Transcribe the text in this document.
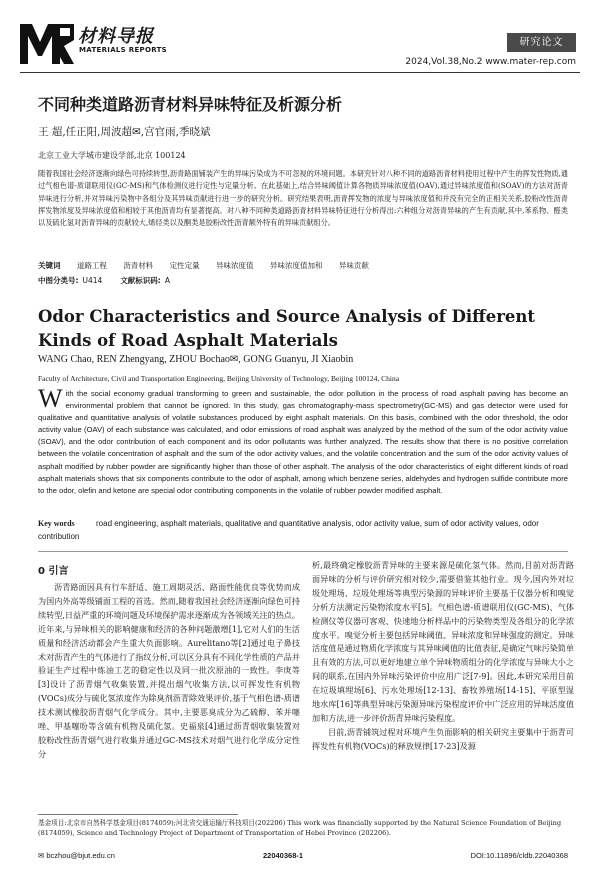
材料导报
MATERIALS REPORTS
研究论文
2024,Vol.38,No.2 www.mater-rep.com
不同种类道路沥青材料异味特征及析源分析
王 超,任正阳,周波超✉,宫官雨,季晓斌
北京工业大学城市建设学部,北京 100124
随着我国社会经济逐渐向绿色可持续转型,沥青路面铺装产生的异味污染成为不可忽视的环境问题。本研究针对八种不同的道路沥青材料使用过程中产生的挥发性物质,通过气相色谱-质谱联用仪(GC-MS)和气体检测仪进行定性与定量分析。在此基础上,结合异味阈值计算各物质异味浓度值(OAV),通过异味浓度值和(SOAV)的方法对沥青异味进行分析,并对异味污染物中各组分及其异味贡献进行进一步的研究分析。研究结果表明,沥青挥发物的浓度与异味浓度值和并没有完全的正相关关系,胶粉改性沥青挥发物浓度及异味浓度值和相较于其他沥青均有显著提高。对八种不同种类道路沥青材料异味特征进行分析得出:六种组分对沥青异味的产生有贡献,其中,苯系物、醛类以及硫化氢对沥青异味的贡献较大,烯烃类以及酮类是胶粉改性沥青额外特有的异味贡献组分。
关键词 道路工程 沥青材料 定性定量 异味浓度值 异味浓度值加和 异味贡献
中图分类号: U414 文献标识码: A
Odor Characteristics and Source Analysis of Different Kinds of Road Asphalt Materials
WANG Chao, REN Zhengyang, ZHOU Bochao✉, GONG Guanyu, JI Xiaobin
Faculty of Architecture, Civil and Transportation Engineering, Beijing University of Technology, Beijing 100124, China
With the social economy gradual transforming to green and sustainable, the odor pollution in the process of road asphalt paving has become an environmental problem that cannot be ignored. In this study, gas chromatography-mass spectrometry(GC-MS) and gas detector were used for qualitative and quantitative analysis of volatile substances produced by eight asphalt materials. On this basis, combined with the odor threshold, the odor activity value (OAV) of each substance was calculated, and odor emissions of road asphalt was analyzed by the method of the sum of the odor activity value (SOAV), and the odor contribution of each component and its odor pollutants was further analyzed. The results show that there is no positive correlation between the volatile concentration of asphalt and the sum of the odor activity values, and the volatile concentration and the sum of the odor activity values of asphalt modified by rubber powder are significantly higher than those of other asphalt. The analysis of the odor characteristics of eight different kinds of road asphalt materials shows that six components contribute to the odor of asphalt, among which benzene series, aldehydes and hydrogen sulfide contribute more to the odor, olefin and ketone are special odor contributing components in the volatile of rubber powder modified asphalt.
Key words	road engineering, asphalt materials, qualitative and quantitative analysis, odor activity value, sum of odor activity values, odor contribution
0 引言
沥青路面因具有行车舒适、施工周期灵活、路面性能优良等优势而成为国内外高等级铺面工程的首选。然而,随着我国社会经济逐渐向绿色可持续转型,日益严重的环境问题及环境保护需求逐渐成为各领域关注的热点。近年来,与异味相关的影响健康和经济的各种问题激增[1],它对人们的生活质量和经济活动都会产生重大负面影响。Aurelitano等[2]通过电子鼻技术对沥青产生的气体进行了指纹分析,可以区分具有不同化学性质的产品并验证生产过程中炼油工艺的稳定性以及同一批次原油的一致性。李庚等[3]设计了沥青烟气收集装置,并提出烟气收集方法,以可挥发性有机物(VOCs)成分与硫化氢浓度作为除臭剂沥青除效果评价,基于气相色谱-质谱技术测试橡胶沥青烟气化学成分。其中,主要恶臭成分为乙硫醇、苯并噻唑、甲基噻吩等含硫有机物及硫化氢。史福泉[4]通过沥青烟收集装置对胶粉改性沥青烟气进行收集并通过GC-MS技术对烟气进行化学成分定性分
析,最终确定橡胶沥青异味的主要来源是硫化氢气体。然而,目前对沥青路面异味的分析与评价研究相对较少,需要借鉴其他行业。现今,国内外对垃圾处理场、垃圾处理场等典型污染源的异味评价主要基于仪器分析和嗅觉分析方法测定污染物浓度水平[5]。气相色谱-质谱联用仪(GC-MS)、气体检测仪等仪器可客观、快速地分析样品中的污染物类型及各组分的化学浓度水平。嗅觉分析主要包括异味阈值、异味浓度和异味强度的测定。异味活度值是通过物质化学浓度与其异味阈值的比值表征,是确定气味污染简单且有效的方法,可以更好地建立单个异味物质组分的化学浓度与异味大小之间的联系,在国内外异味污染评价中应用广泛[7-9]。因此,本研究采用目前在垃圾填埋场[6]、污水处理场[12-13]、畜牧养殖场[14-15]、平原型湿地水库[16]等典型异味污染源异味污染程度评价中广泛应用的异味活度值加和方法,进一步评价沥青异味污染程度。
目前,沥青铺筑过程对环境产生负面影响的相关研究主要集中于沥青可挥发性有机物(VOCs)的释放规律[17-23]及源
基金项目:北京市自然科学基金项目(8174059);河北省交通运输厅科技项目(202206) This work was financially supported by the Natural Science Foundation of Beijing (8174059), Science and Technology Project of Department of Transportation of Hebei Province (202206).
✉ bczhou@bjut.edu.cn	22040368-1	DOI:10.11896/cldb.22040368
